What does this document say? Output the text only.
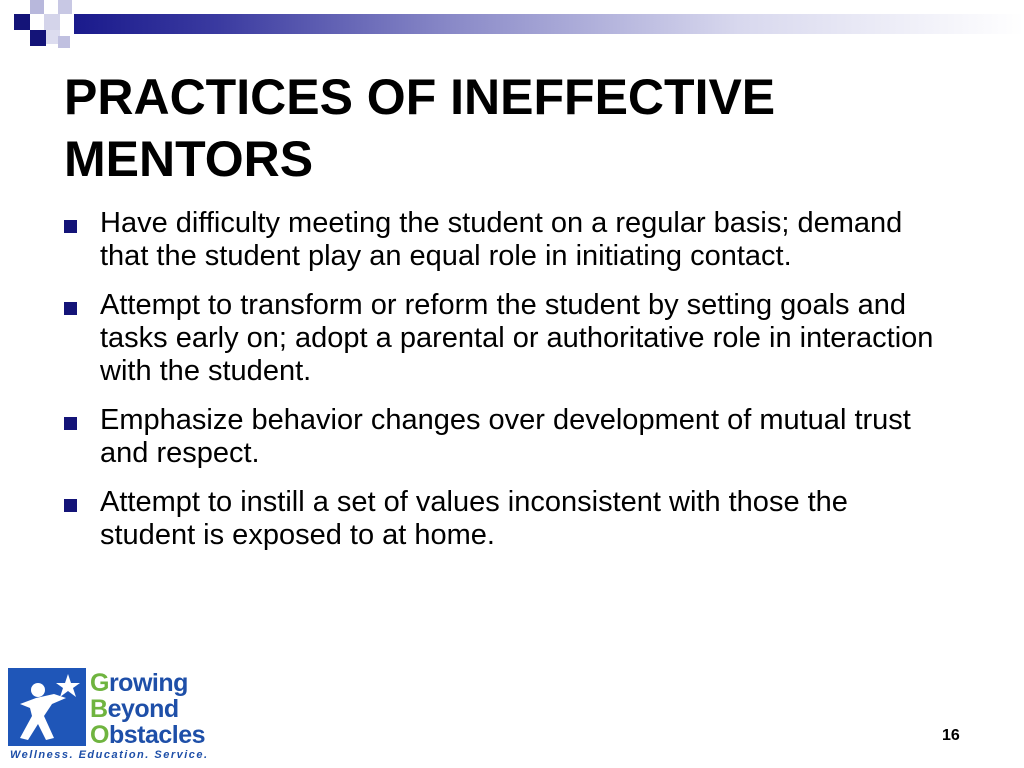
PRACTICES OF INEFFECTIVE MENTORS
Have difficulty meeting the student on a regular basis; demand that the student play an equal role in initiating contact.
Attempt to transform or reform the student by setting goals and tasks early on; adopt a parental or authoritative role in interaction with the student.
Emphasize behavior changes over development of mutual trust and respect.
Attempt to instill a set of values inconsistent with those the student is exposed to at home.
Growing
Beyond
Obstacles
Wellness. Education. Service.
16
